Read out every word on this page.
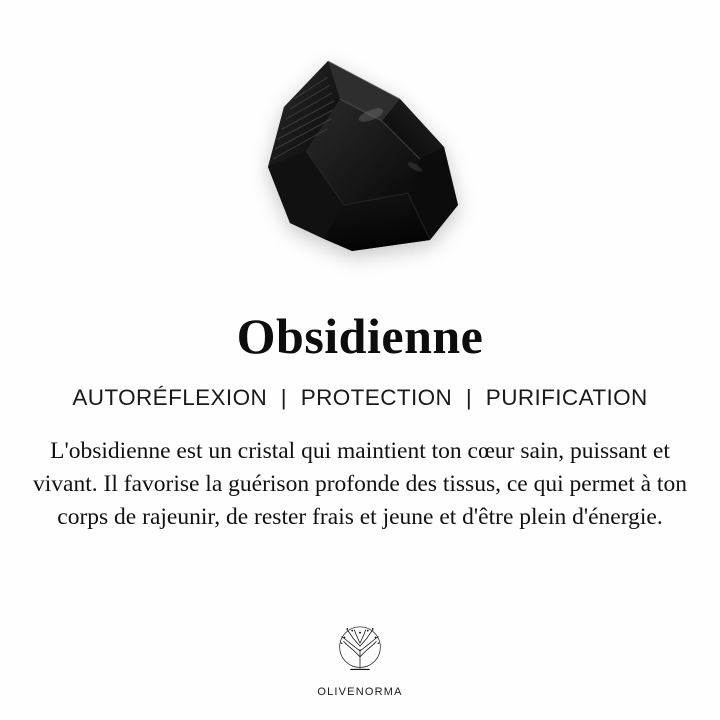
Obsidienne
AUTORÉFLEXION | PROTECTION | PURIFICATION
L'obsidienne est un cristal qui maintient ton cœur sain, puissant et vivant. Il favorise la guérison profonde des tissus, ce qui permet à ton corps de rajeunir, de rester frais et jeune et d'être plein d'énergie.
OLIVENORMA
